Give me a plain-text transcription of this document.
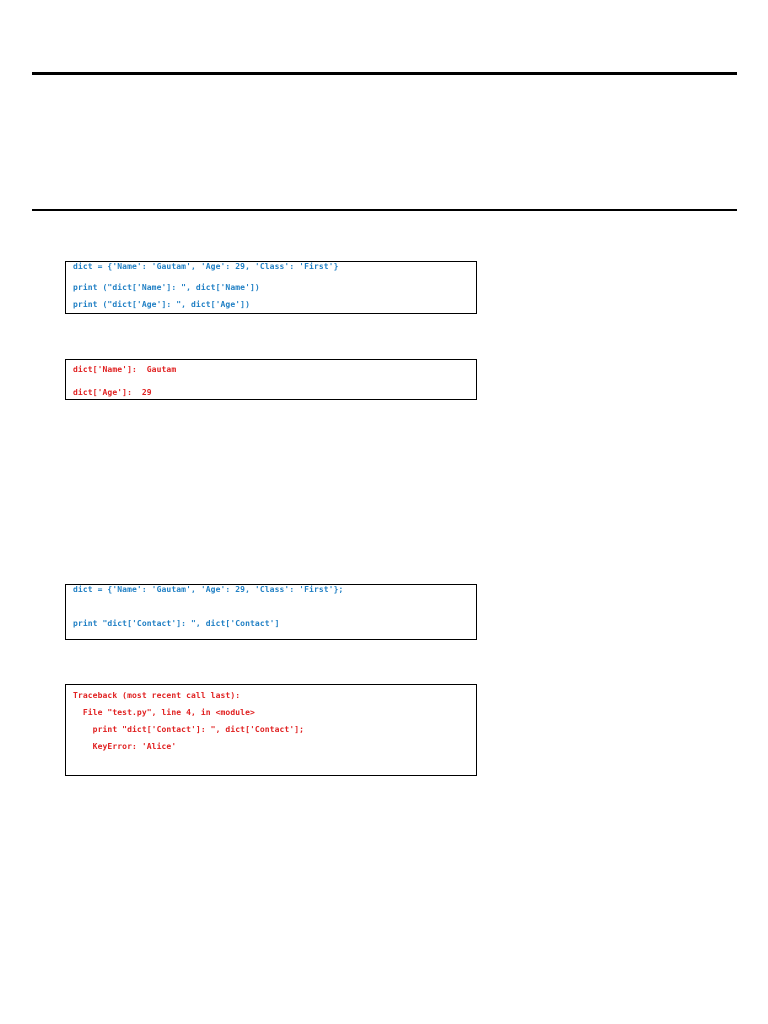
dict = {'Name': 'Gautam', 'Age': 29, 'Class': 'First'}
print ("dict['Name']: ", dict['Name'])
print ("dict['Age']: ", dict['Age'])
dict['Name']:  Gautam
dict['Age']:  29
dict = {'Name': 'Gautam', 'Age': 29, 'Class': 'First'};
print "dict['Contact']: ", dict['Contact']
Traceback (most recent call last):
File "test.py", line 4, in <module>
print "dict['Contact']: ", dict['Contact'];
KeyError: 'Alice'
